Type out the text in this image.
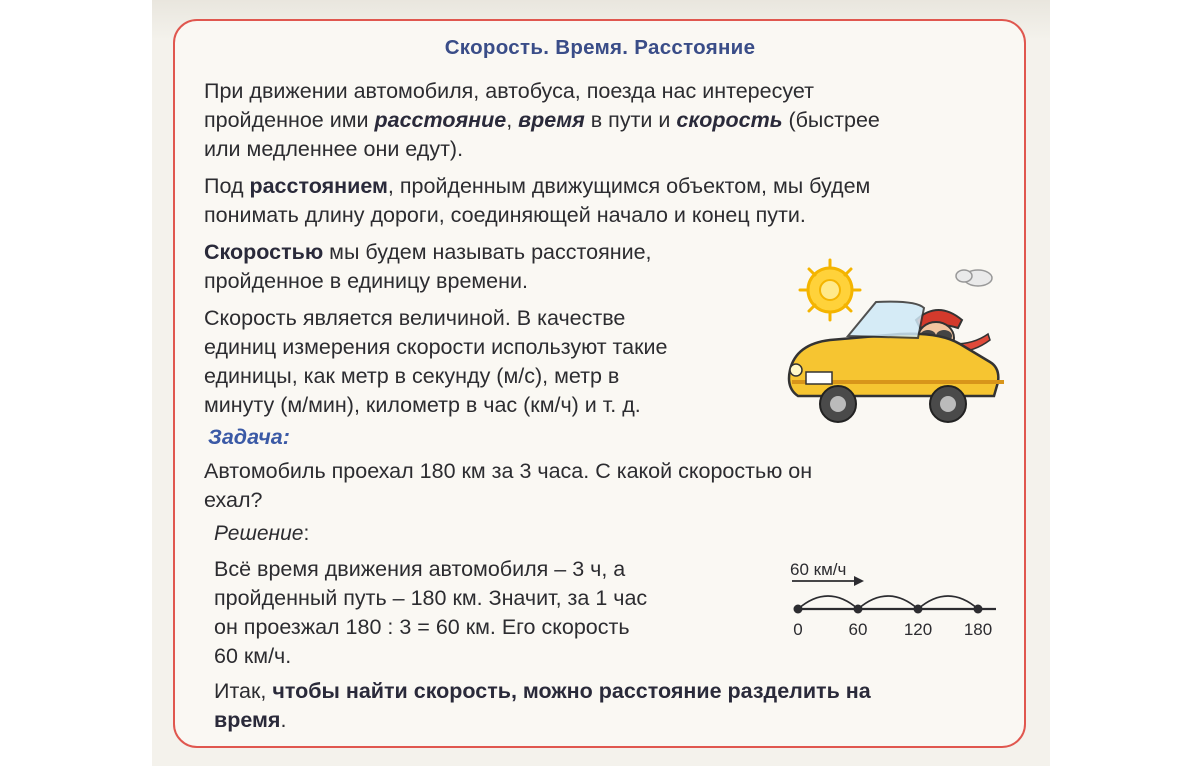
Скорость. Время. Расстояние
При движении автомобиля, автобуса, поезда нас интересует
пройденное ими расстояние, время в пути и скорость (быстрее
или медленнее они едут).
Под расстоянием, пройденным движущимся объектом, мы будем
понимать длину дороги, соединяющей начало и конец пути.
Скоростью мы будем называть расстояние,
пройденное в единицу времени.
Скорость является величиной. В качестве
единиц измерения скорости используют такие
единицы, как метр в секунду (м/с), метр в
минуту (м/мин), километр в час (км/ч) и т. д.
Задача:
Автомобиль проехал 180 км за 3 часа. С какой скоростью он
ехал?
Решение:
Всё время движения автомобиля – 3 ч, а
пройденный путь – 180 км. Значит, за 1 час
он проезжал 180 : 3 = 60 км. Его скорость
60 км/ч.
60 км/ч
0	60 120 180
Итак, чтобы найти скорость, можно расстояние разделить на
время.
